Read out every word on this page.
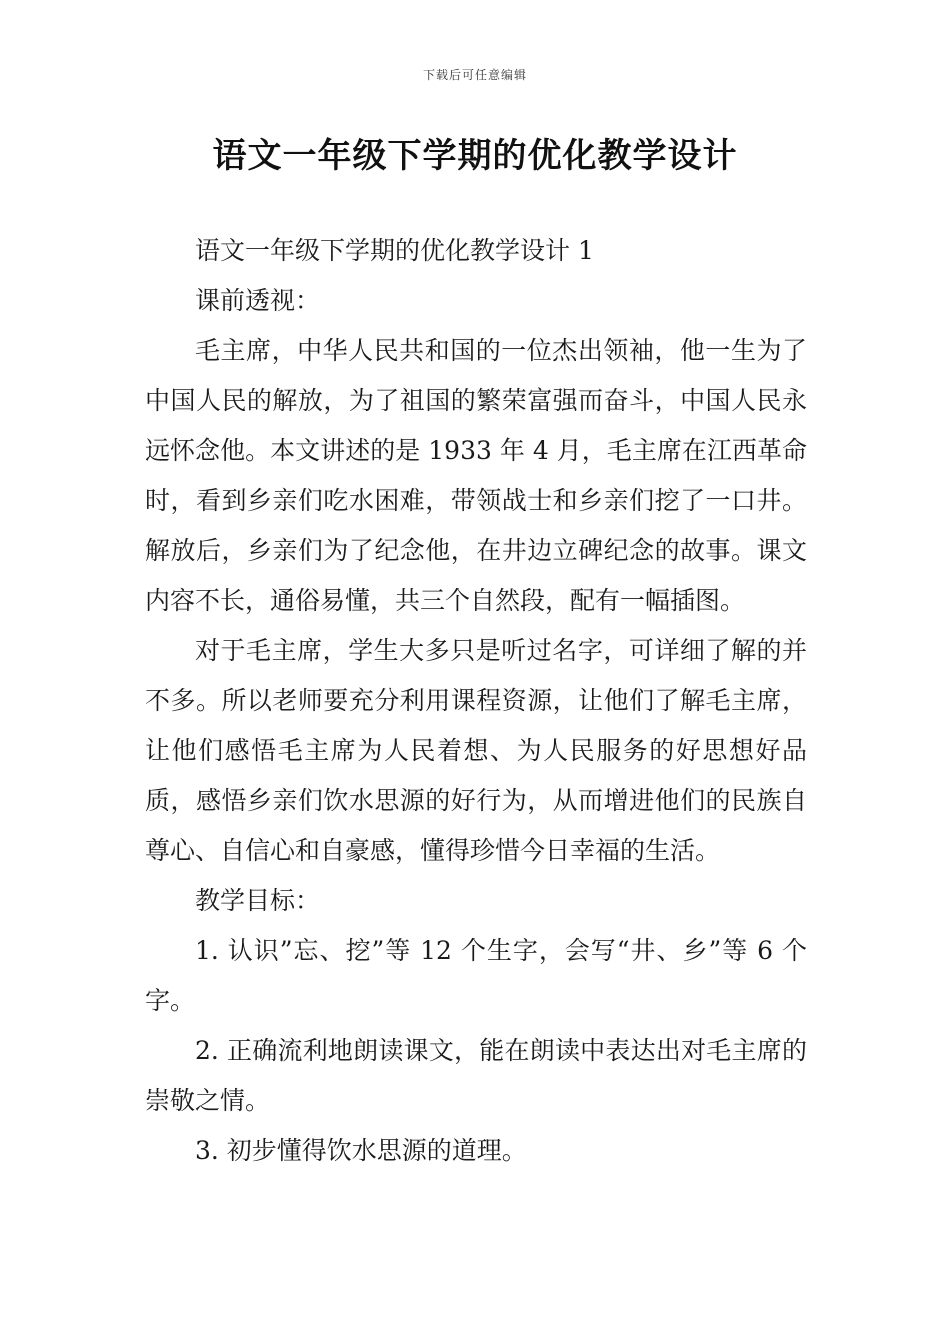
下载后可任意编辑
语文一年级下学期的优化教学设计

语文一年级下学期的优化教学设计 1

课前透视：

毛主席，中华人民共和国的一位杰出领袖，他一生为了中国人民的解放，为了祖国的繁荣富强而奋斗，中国人民永远怀念他。本文讲述的是 1933 年 4 月，毛主席在江西革命时，看到乡亲们吃水困难，带领战士和乡亲们挖了一口井。解放后，乡亲们为了纪念他，在井边立碑纪念的故事。课文内容不长，通俗易懂，共三个自然段，配有一幅插图。

对于毛主席，学生大多只是听过名字，可详细了解的并不多。所以老师要充分利用课程资源，让他们了解毛主席，让他们感悟毛主席为人民着想、为人民服务的好思想好品质，感悟乡亲们饮水思源的好行为，从而增进他们的民族自尊心、自信心和自豪感，懂得珍惜今日幸福的生活。

教学目标：

1. 认识”忘、挖”等 12 个生字，会写“井、乡”等 6 个字。

2. 正确流利地朗读课文，能在朗读中表达出对毛主席的崇敬之情。

3. 初步懂得饮水思源的道理。
